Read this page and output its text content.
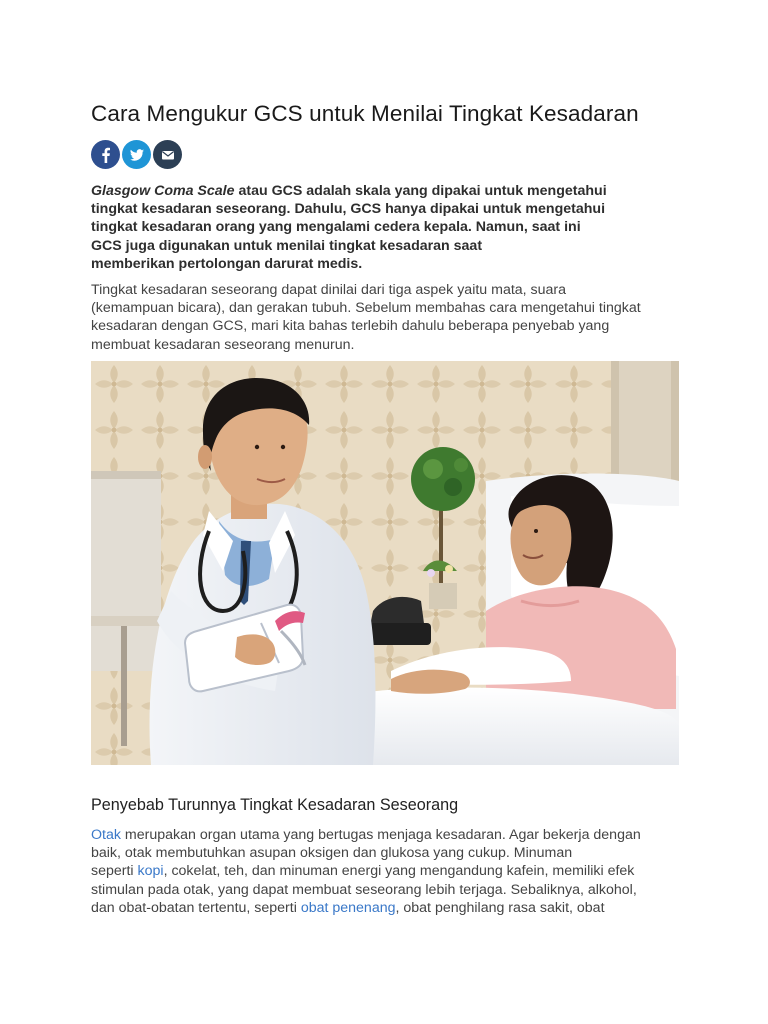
Cara Mengukur GCS untuk Menilai Tingkat Kesadaran
Glasgow Coma Scale atau GCS adalah skala yang dipakai untuk mengetahui
tingkat kesadaran seseorang. Dahulu, GCS hanya dipakai untuk mengetahui
tingkat kesadaran orang yang mengalami cedera kepala. Namun, saat ini
GCS juga digunakan untuk menilai tingkat kesadaran saat
memberikan pertolongan darurat medis.
Tingkat kesadaran seseorang dapat dinilai dari tiga aspek yaitu mata, suara
(kemampuan bicara), dan gerakan tubuh. Sebelum membahas cara mengetahui tingkat
kesadaran dengan GCS, mari kita bahas terlebih dahulu beberapa penyebab yang
membuat kesadaran seseorang menurun.
Penyebab Turunnya Tingkat Kesadaran Seseorang
Otak merupakan organ utama yang bertugas menjaga kesadaran. Agar bekerja dengan
baik, otak membutuhkan asupan oksigen dan glukosa yang cukup. Minuman
seperti kopi, cokelat, teh, dan minuman energi yang mengandung kafein, memiliki efek
stimulan pada otak, yang dapat membuat seseorang lebih terjaga. Sebaliknya, alkohol,
dan obat-obatan tertentu, seperti obat penenang, obat penghilang rasa sakit, obat
